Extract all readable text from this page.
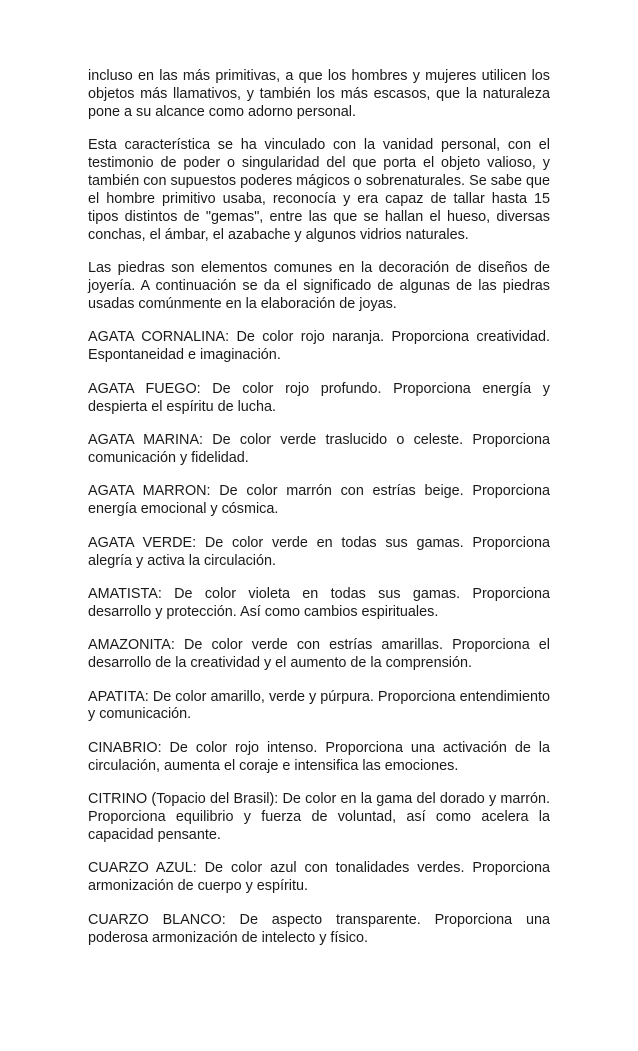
incluso en las más primitivas, a que los hombres y mujeres utilicen los objetos más llamativos, y también los más escasos, que la naturaleza pone a su alcance como adorno personal.

Esta característica se ha vinculado con la vanidad personal, con el testimonio de poder o singularidad del que porta el objeto valioso, y también con supuestos poderes mágicos o sobrenaturales. Se sabe que el hombre primitivo usaba, reconocía y era capaz de tallar hasta 15 tipos distintos de "gemas", entre las que se hallan el hueso, diversas conchas, el ámbar, el azabache y algunos vidrios naturales.

Las piedras son elementos comunes en la decoración de diseños de joyería. A continuación se da el significado de algunas de las piedras usadas comúnmente en la elaboración de joyas.

AGATA CORNALINA: De color rojo naranja. Proporciona creatividad. Espontaneidad e imaginación.

AGATA FUEGO: De color rojo profundo. Proporciona energía y despierta el espíritu de lucha.

AGATA MARINA: De color verde traslucido o celeste. Proporciona comunicación y fidelidad.

AGATA MARRON: De color marrón con estrías beige. Proporciona energía emocional y cósmica.

AGATA VERDE: De color verde en todas sus gamas. Proporciona alegría y activa la circulación.

AMATISTA: De color violeta en todas sus gamas. Proporciona desarrollo y protección. Así como cambios espirituales.

AMAZONITA: De color verde con estrías amarillas. Proporciona el desarrollo de la creatividad y el aumento de la comprensión.

APATITA: De color amarillo, verde y púrpura. Proporciona entendimiento y comunicación.

CINABRIO: De color rojo intenso. Proporciona una activación de la circulación, aumenta el coraje e intensifica las emociones.

CITRINO (Topacio del Brasil): De color en la gama del dorado y marrón. Proporciona equilibrio y fuerza de voluntad, así como acelera la capacidad pensante.

CUARZO AZUL: De color azul con tonalidades verdes. Proporciona armonización de cuerpo y espíritu.

CUARZO BLANCO: De aspecto transparente. Proporciona una poderosa armonización de intelecto y físico.
